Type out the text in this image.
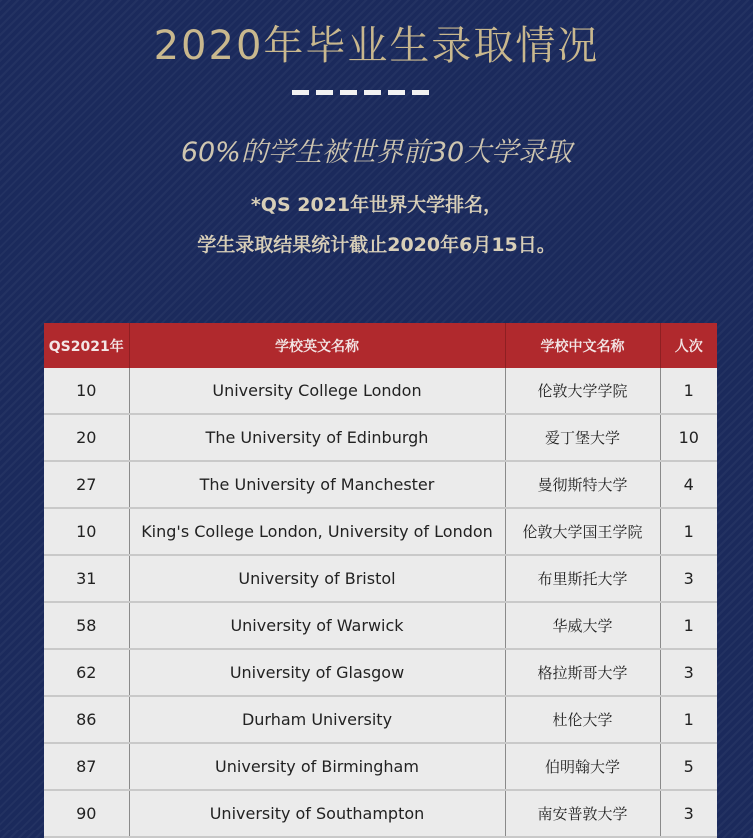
2020年毕业生录取情况
60%的学生被世界前30大学录取
*QS 2021年世界大学排名，
学生录取结果统计截止2020年6月15日。
QS2021年	学校英文名称	学校中文名称	人次
10	University College London	伦敦大学学院	1
20	The University of Edinburgh	爱丁堡大学	10
27	The University of Manchester	曼彻斯特大学	4
10	King's College London, University of London	伦敦大学国王学院	1
31	University of Bristol	布里斯托大学	3
58	University of Warwick	华威大学	1
62	University of Glasgow	格拉斯哥大学	3
86	Durham University	杜伦大学	1
87	University of Birmingham	伯明翰大学	5
90	University of Southampton	南安普敦大学	3
